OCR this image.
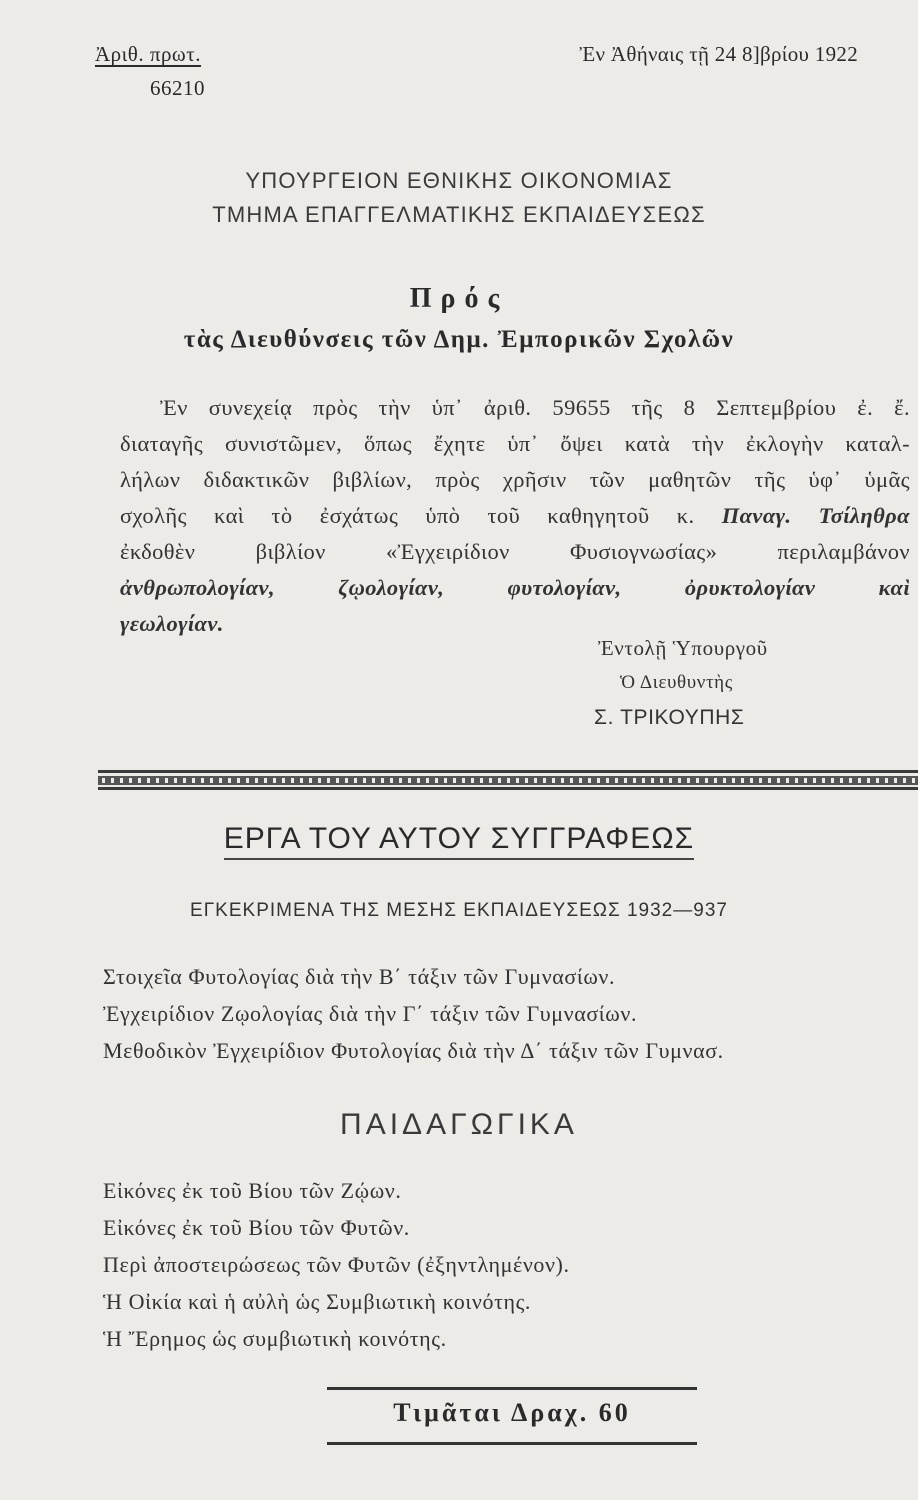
Ἀριθ. πρωτ.
66210
Ἐν Ἀθήναις τῇ 24 8]βρίου 1922
ΥΠΟΥΡΓΕΙΟΝ ΕΘΝΙΚΗΣ ΟΙΚΟΝΟΜΙΑΣ
ΤΜΗΜΑ ΕΠΑΓΓΕΛΜΑΤΙΚΗΣ ΕΚΠΑΙΔΕΥΣΕΩΣ
Πρός
τὰς Διευθύνσεις τῶν Δημ. Ἐμπορικῶν Σχολῶν
Ἐν συνεχείᾳ πρὸς τὴν ὑπ᾽ ἀριθ. 59655 τῆς 8 Σεπτεμβρίου ἐ. ἔ.
διαταγῆς συνιστῶμεν, ὅπως ἔχητε ὑπ᾽ ὄψει κατὰ τὴν ἐκλογὴν καταλ-
λήλων διδακτικῶν βιβλίων, πρὸς χρῆσιν τῶν μαθητῶν τῆς ὑφ᾽ ὑμᾶς
σχολῆς καὶ τὸ ἐσχάτως ὑπὸ τοῦ καθηγητοῦ κ. Παναγ. Τσίληθρα
ἐκδοθὲν βιβλίον «Ἐγχειρίδιον Φυσιογνωσίας» περιλαμβάνον
ἀνθρωπολογίαν, ζῳολογίαν, φυτολογίαν, ὀρυκτολογίαν καὶ
γεωλογίαν.
Ἐντολῇ Ὑπουργοῦ
Ὁ Διευθυντὴς
Σ. ΤΡΙΚΟΥΠΗΣ
ΕΡΓΑ ΤΟΥ ΑΥΤΟΥ ΣΥΓΓΡΑΦΕΩΣ
ΕΓΚΕΚΡΙΜΕΝΑ ΤΗΣ ΜΕΣΗΣ ΕΚΠΑΙΔΕΥΣΕΩΣ 1932—937
Στοιχεῖα Φυτολογίας διὰ τὴν Β΄ τάξιν τῶν Γυμνασίων.
Ἐγχειρίδιον Ζῳολογίας διὰ τὴν Γ΄ τάξιν τῶν Γυμνασίων.
Μεθοδικὸν Ἐγχειρίδιον Φυτολογίας διὰ τὴν Δ΄ τάξιν τῶν Γυμνασ.
ΠΑΙΔΑΓΩΓΙΚΑ
Εἰκόνες ἐκ τοῦ Βίου τῶν Ζῴων.
Εἰκόνες ἐκ τοῦ Βίου τῶν Φυτῶν.
Περὶ ἀποστειρώσεως τῶν Φυτῶν (ἐξηντλημένον).
Ἡ Οἰκία καὶ ἡ αὐλὴ ὡς Συμβιωτικὴ κοινότης.
Ἡ Ἔρημος ὡς συμβιωτικὴ κοινότης.
Τιμᾶται Δραχ. 60
